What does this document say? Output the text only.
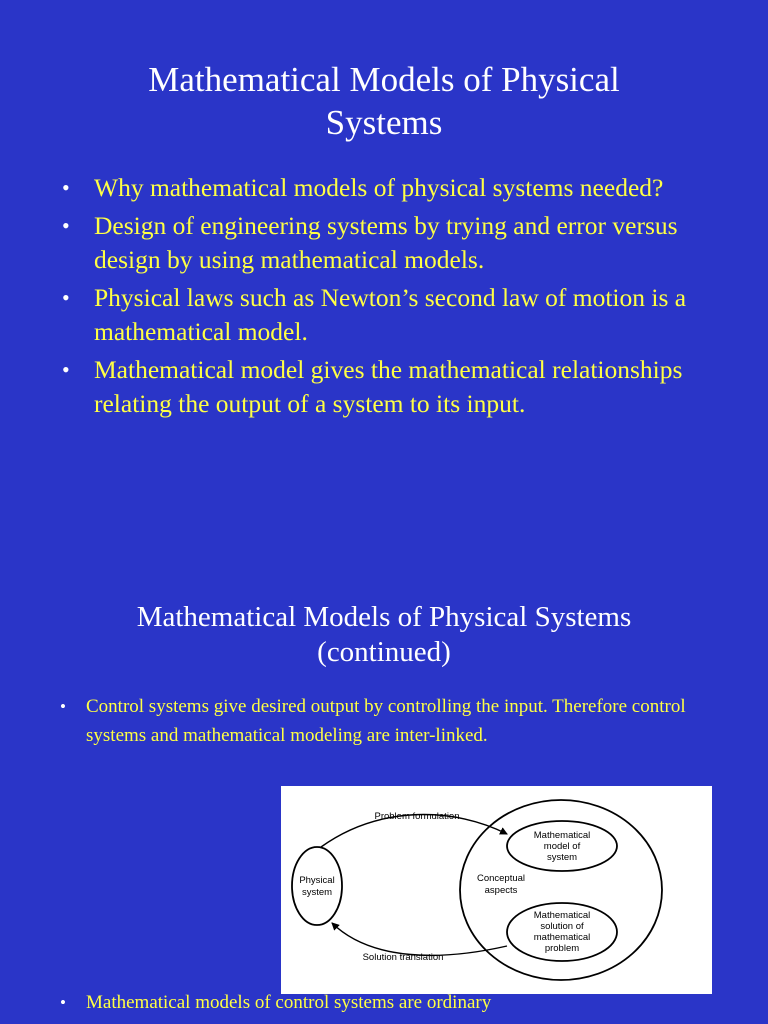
Mathematical Models of Physical
Systems
• Why mathematical models of physical systems needed?
• Design of engineering systems by trying and error versus design by using mathematical models.
• Physical laws such as Newton’s second law of motion is a mathematical model.
• Mathematical model gives the mathematical relationships relating the output of a system to its input.
Mathematical Models of Physical Systems
(continued)
• Control systems give desired output by controlling the input. Therefore control systems and mathematical modeling are inter-linked.
Problem formulation
Solution translation
Physical
system
Conceptual
aspects
Mathematical
model of
system
Mathematical
solution of
mathematical
problem
• Mathematical models of control systems are ordinary
